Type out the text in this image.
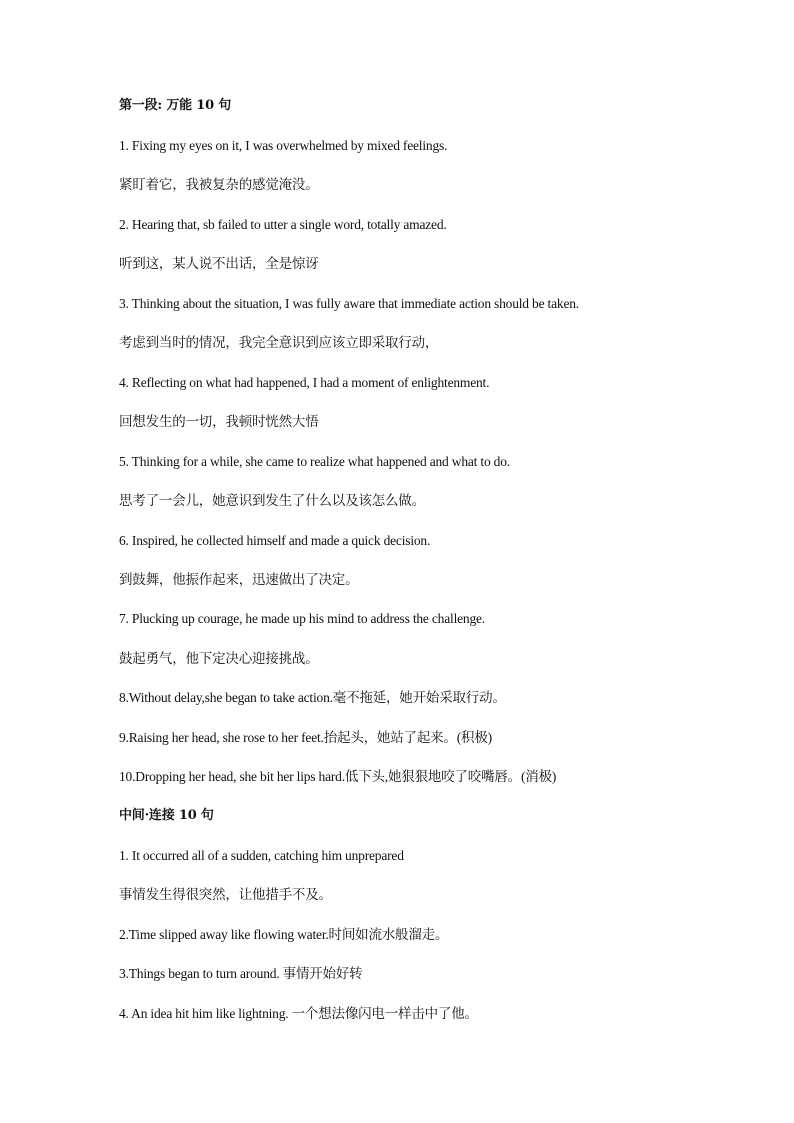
第一段: 万能 10 句
1. Fixing my eyes on it, I was overwhelmed by mixed feelings.
紧盯着它，我被复杂的感觉淹没。
2. Hearing that, sb failed to utter a single word, totally amazed.
听到这，某人说不出话，全是惊讶
3. Thinking about the situation, I was fully aware that immediate action should be taken.
考虑到当时的情况，我完全意识到应该立即采取行动，
4. Reflecting on what had happened, I had a moment of enlightenment.
回想发生的一切，我顿时恍然大悟
5. Thinking for a while, she came to realize what happened and what to do.
思考了一会儿，她意识到发生了什么以及该怎么做。
6. Inspired, he collected himself and made a quick decision.
到鼓舞，他振作起来，迅速做出了决定。
7. Plucking up courage, he made up his mind to address the challenge.
鼓起勇气，他下定决心迎接挑战。
8.Without delay,she began to take action.毫不拖延，她开始采取行动。
9.Raising her head, she rose to her feet.抬起头，她站了起来。(积极)
10.Dropping her head, she bit her lips hard.低下头,她狠狠地咬了咬嘴唇。(消极)
中间·连接 10 句
1. It occurred all of a sudden, catching him unprepared
事情发生得很突然，让他措手不及。
2.Time slipped away like flowing water.时间如流水般溜走。
3.Things began to turn around. 事情开始好转
4. An idea hit him like lightning. 一个想法像闪电一样击中了他。
